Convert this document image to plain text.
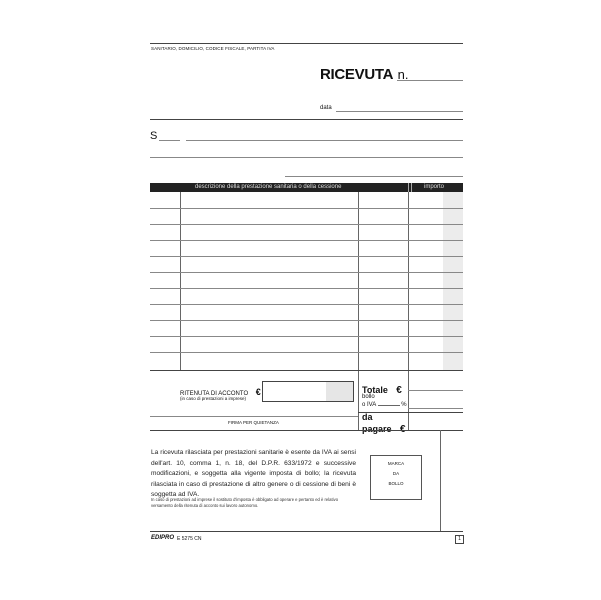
SANITARIO, DOMICILIO, CODICE FISCALE, PARTITA IVA
RICEVUTA n.
data
S
descrizione della prestazione sanitaria o della cessione	importo
RITENUTA DI ACCONTO €
(in caso di prestazioni a imprese)
FIRMA PER QUIETANZA
Totale €
bollo
o IVA	%
da
pagare €
La ricevuta rilasciata per prestazioni sanitarie è esente da IVA ai sensi dell'art. 10, comma 1, n. 18, del D.P.R. 633/1972 e successive modificazioni, e soggetta alla vigente imposta di bollo; la ricevuta rilasciata in caso di prestazione di altro genere o di cessione di beni è soggetta ad IVA.
In caso di prestazioni ad imprese il sostituto d'imposta è obbligato ad operare e pertanto ed è relativo versamento della ritenuta di acconto sui lavoro autonomo.
MARCA
DA
BOLLO
EDIPRO E 5275 CN	1
